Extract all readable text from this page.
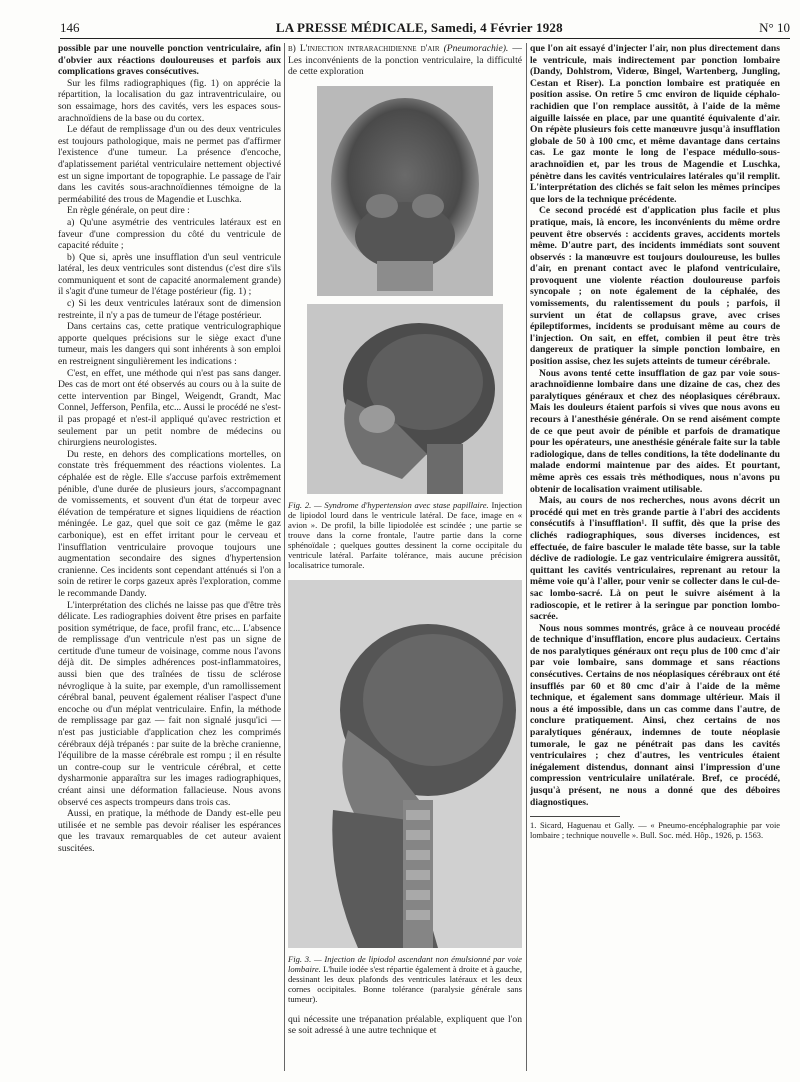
146	LA PRESSE MÉDICALE, Samedi, 4 Février 1928	N° 10

possible par une nouvelle ponction ventriculaire, afin d'obvier aux réactions douloureuses et parfois aux complications graves consécutives.

Sur les films radiographiques (fig. 1) on apprécie la répartition, la localisation du gaz intraventriculaire, ou son essaimage, hors des cavités, vers les espaces sous-arachnoïdiens de la base ou du cortex.

Le défaut de remplissage d'un ou des deux ventricules est toujours pathologique, mais ne permet pas d'affirmer l'existence d'une tumeur. La présence d'encoche, d'aplatissement pariétal ventriculaire nettement objectivé est un signe important de topographie. Le passage de l'air dans les cavités sous-arachnoïdiennes témoigne de la perméabilité des trous de Magendie et Luschka.

En règle générale, on peut dire :

a) Qu'une asymétrie des ventricules latéraux est en faveur d'une compression du côté du ventricule de capacité réduite ;

b) Que si, après une insufflation d'un seul ventricule latéral, les deux ventricules sont distendus (c'est dire s'ils communiquent et sont de capacité anormalement grande) il s'agit d'une tumeur de l'étage postérieur (fig. 1) ;

c) Si les deux ventricules latéraux sont de dimension restreinte, il n'y a pas de tumeur de l'étage postérieur.

Dans certains cas, cette pratique ventriculographique apporte quelques précisions sur le siège exact d'une tumeur, mais les dangers qui sont inhérents à son emploi en restreignent singulièrement les indications :

C'est, en effet, une méthode qui n'est pas sans danger. Des cas de mort ont été observés au cours ou à la suite de cette intervention par Bingel, Weigendt, Grandt, Mac Connel, Jefferson, Penfila, etc... Aussi le procédé ne s'est-il pas propagé et n'est-il appliqué qu'avec restriction et seulement par un petit nombre de médecins ou chirurgiens neurologistes.

Du reste, en dehors des complications mortelles, on constate très fréquemment des réactions violentes. La céphalée est de règle. Elle s'accuse parfois extrêmement pénible, d'une durée de plusieurs jours, s'accompagnant de vomissements, et souvent d'un état de torpeur avec élévation de température et signes liquidiens de réaction méningée. Le gaz, quel que soit ce gaz (même le gaz carbonique), est en effet irritant pour le cerveau et l'insufflation ventriculaire provoque toujours une augmentation secondaire des signes d'hypertension cranienne. Ces incidents sont cependant atténués si l'on a soin de retirer le corps gazeux après l'exploration, comme le recommande Dandy.

L'interprétation des clichés ne laisse pas que d'être très délicate. Les radiographies doivent être prises en parfaite position symétrique, de face, profil franc, etc... L'absence de remplissage d'un ventricule n'est pas un signe de certitude d'une tumeur de voisinage, comme nous l'avons déjà dit. De simples adhérences post-inflammatoires, aussi bien que des traînées de tissu de sclérose névroglique à la suite, par exemple, d'un ramollissement cérébral banal, peuvent également réaliser l'aspect d'une encoche ou d'un méplat ventriculaire. Enfin, la méthode de remplissage par gaz — fait non signalé jusqu'ici — n'est pas justiciable d'application chez les comprimés cérébraux déjà trépanés : par suite de la brèche cranienne, l'équilibre de la masse cérébrale est rompu ; il en résulte un contre-coup sur le ventricule cérébral, et cette dysharmonie apparaîtra sur les images radiographiques, créant ainsi une déformation fallacieuse. Nous avons observé ces aspects trompeurs dans trois cas.

Aussi, en pratique, la méthode de Dandy est-elle peu utilisée et ne semble pas devoir réaliser les espérances que les travaux remarquables de cet auteur avaient suscitées.

b) L'injection intrarachidienne d'air (Pneumorachie). — Les inconvénients de la ponction ventriculaire, la difficulté de cette exploration

Fig. 2. — Syndrome d'hypertension avec stase papillaire. Injection de lipiodol lourd dans le ventricule latéral. De face, image en « avion ». De profil, la bille lipiodolée est scindée ; une partie se trouve dans la corne frontale, l'autre partie dans la corne sphénoïdale ; quelques gouttes dessinent la corne occipitale du ventricule latéral. Parfaite tolérance, mais aucune précision localisatrice tumorale.
Fig. 3. — Injection de lipiodol ascendant non émulsionné par voie lombaire. L'huile iodée s'est répartie également à droite et à gauche, dessinant les deux plafonds des ventricules latéraux et les deux cornes occipitales. Bonne tolérance (paralysie générale sans tumeur).

qui nécessite une trépanation préalable, expliquent que l'on se soit adressé à une autre technique et

que l'on ait essayé d'injecter l'air, non plus directement dans le ventricule, mais indirectement par ponction lombaire (Dandy, Dohlstrom, Viderœ, Bingel, Wartenberg, Jungling, Cestan et Riser). La ponction lombaire est pratiquée en position assise. On retire 5 cmc environ de liquide céphalo-rachidien que l'on remplace aussitôt, à l'aide de la même aiguille laissée en place, par une quantité équivalente d'air. On répète plusieurs fois cette manœuvre jusqu'à insufflation globale de 50 à 100 cmc, et même davantage dans certains cas. Le gaz monte le long de l'espace médullo-sous-arachnoïdien et, par les trous de Magendie et Luschka, pénètre dans les cavités ventriculaires latérales qu'il remplit. L'interprétation des clichés se fait selon les mêmes principes que lors de la technique précédente.

Ce second procédé est d'application plus facile et plus pratique, mais, là encore, les inconvénients du même ordre peuvent être observés : accidents graves, accidents mortels même. D'autre part, des incidents immédiats sont souvent observés : la manœuvre est toujours douloureuse, les bulles d'air, en prenant contact avec le plafond ventriculaire, provoquent une violente réaction douloureuse parfois syncopale ; on note également de la céphalée, des vomissements, du ralentissement du pouls ; parfois, il survient un état de collapsus grave, avec crises épileptiformes, incidents se produisant même au cours de l'injection. On sait, en effet, combien il peut être très dangereux de pratiquer la simple ponction lombaire, en position assise, chez les sujets atteints de tumeur cérébrale.

Nous avons tenté cette insufflation de gaz par voie sous-arachnoïdienne lombaire dans une dizaine de cas, chez des paralytiques généraux et chez des néoplasiques cérébraux. Mais les douleurs étaient parfois si vives que nous avons eu recours à l'anesthésie générale. On se rend aisément compte de ce que peut avoir de pénible et parfois de dramatique pour les opérateurs, une anesthésie générale faite sur la table radiologique, dans de telles conditions, la tête dodelinante du malade endormi maintenue par des aides. Et pourtant, même après ces essais très méthodiques, nous n'avons pu obtenir de localisation vraiment utilisable.

Mais, au cours de nos recherches, nous avons décrit un procédé qui met en très grande partie à l'abri des accidents consécutifs à l'insufflation¹. Il suffit, dès que la prise des clichés radiographiques, sous diverses incidences, est effectuée, de faire basculer le malade tête basse, sur la table déclive de radiologie. Le gaz ventriculaire émigrera aussitôt, quittant les cavités ventriculaires, reprenant au retour la même voie qu'à l'aller, pour venir se collecter dans le cul-de-sac lombo-sacré. Là on peut le suivre aisément à la radioscopie, et le retirer à la seringue par ponction lombo-sacrée.

Nous nous sommes montrés, grâce à ce nouveau procédé de technique d'insufflation, encore plus audacieux. Certains de nos paralytiques généraux ont reçu plus de 100 cmc d'air par voie lombaire, sans dommage et sans réactions consécutives. Certains de nos néoplasiques cérébraux ont été insufflés par 60 et 80 cmc d'air à l'aide de la même technique, et également sans dommage ultérieur. Mais il nous a été impossible, dans un cas comme dans l'autre, de conclure pratiquement. Ainsi, chez certains de nos paralytiques généraux, indemnes de toute néoplasie tumorale, le gaz ne pénétrait pas dans les cavités ventriculaires ; chez d'autres, les ventricules étaient inégalement distendus, donnant ainsi l'impression d'une compression ventriculaire unilatérale. Bref, ce procédé, jusqu'à présent, ne nous a donné que des déboires diagnostiques.

1. Sicard, Haguenau et Gally. — « Pneumo-encéphalographie par voie lombaire ; technique nouvelle ». Bull. Soc. méd. Hôp., 1926, p. 1563.
